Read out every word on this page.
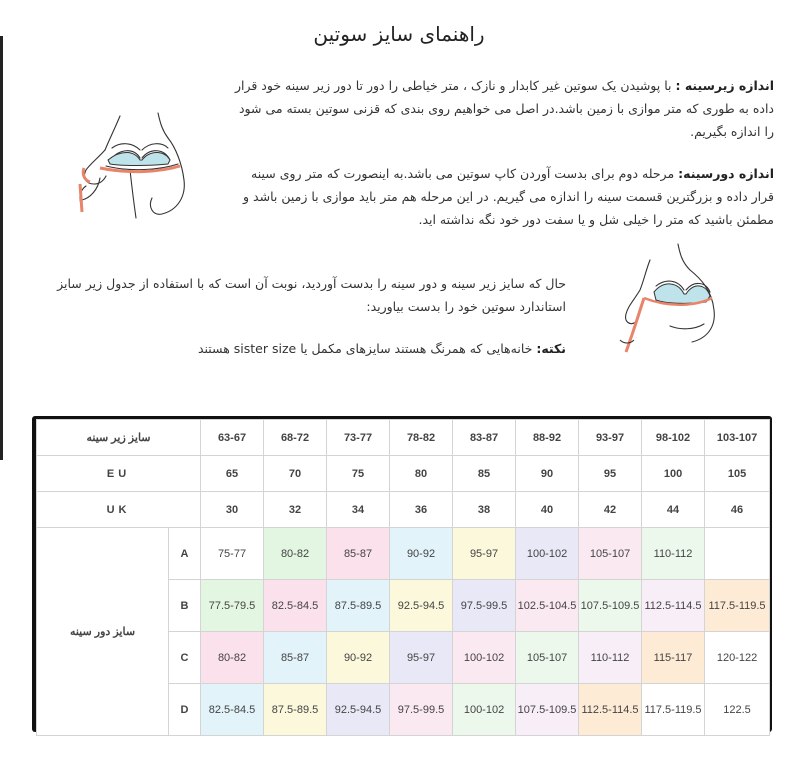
راهنمای سایز سوتین
اندازه زیرسینه : با پوشیدن یک سوتین غیر کابدار و نازک ، متر خیاطی را دور تا دور زیر سینه خود قرار داده به طوری که متر موازی با زمین باشد.در اصل می خواهیم روی بندی که قزنی سوتین بسته می شود را اندازه بگیریم.
اندازه دورسینه: مرحله دوم برای بدست آوردن کاپ سوتین می باشد.به اینصورت که متر روی سینه قرار داده و بزرگترین قسمت سینه را اندازه می گیریم. در این مرحله هم متر باید موازی با زمین باشد و مطمئن باشید که متر را خیلی شل و یا سفت دور خود نگه نداشته اید.
حال که سایز زیر سینه و دور سینه را بدست آوردید، نوبت آن است که با استفاده از جدول زیر سایز استاندارد سوتین خود را بدست بیاورید:
نکته: خانه‌هایی که همرنگ هستند سایزهای مکمل یا sister size هستند
سایز زیر سینه		63-67	68-72	73-77	78-82	83-87	88-92	93-97	98-102	103-107
EU		65	70	75	80	85	90	95	100	105
UK		30	32	34	36	38	40	42	44	46
سایز دور سینه	A	75-77	80-82	85-87	90-92	95-97	100-102	105-107	110-112	
	B	77.5-79.5	82.5-84.5	87.5-89.5	92.5-94.5	97.5-99.5	102.5-104.5	107.5-109.5	112.5-114.5	117.5-119.5
	C	80-82	85-87	90-92	95-97	100-102	105-107	110-112	115-117	120-122
	D	82.5-84.5	87.5-89.5	92.5-94.5	97.5-99.5	100-102	107.5-109.5	112.5-114.5	117.5-119.5	122.5
